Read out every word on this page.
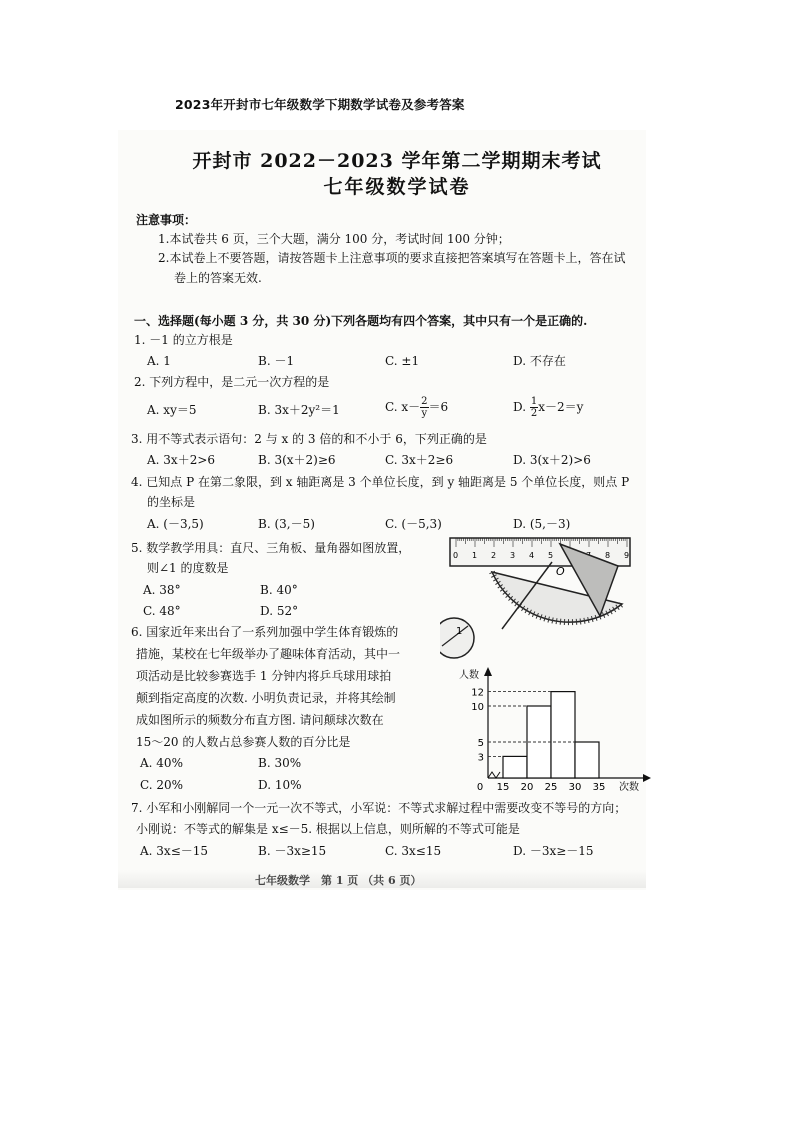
2023年开封市七年级数学下期数学试卷及参考答案
开封市 2022－2023 学年第二学期期末考试
七年级数学试卷
注意事项：
1.本试卷共 6 页，三个大题，满分 100 分，考试时间 100 分钟；
2.本试卷上不要答题，请按答题卡上注意事项的要求直接把答案填写在答题卡上，答在试
卷上的答案无效.
一、选择题(每小题 3 分，共 30 分)下列各题均有四个答案，其中只有一个是正确的.
1. －1 的立方根是
A. 1	B. －1	C. ±1	D. 不存在
2. 下列方程中，是二元一次方程的是
A. xy＝5	B. 3x＋2y²＝1	C. $x- \frac{2}{y} =6$	D. $\frac{1}{2} x-2=y$
3. 用不等式表示语句：2 与 x 的 3 倍的和不小于 6，下列正确的是
A. 3x＋2>6	B. 3(x＋2)≥6	C. 3x＋2≥6	D. 3(x＋2)>6
4. 已知点 P 在第二象限，到 x 轴距离是 3 个单位长度，到 y 轴距离是 5 个单位长度，则点 P
的坐标是
A. (－3,5)	B. (3,－5)	C. (－5,3)	D. (5,－3)
5. 数学教学用具：直尺、三角板、量角器如图放置，
则∠1 的度数是
A. 38°	B. 40°
C. 48°	D. 52°
0 1 2 3 4 5	8 9
O
1
6. 国家近年来出台了一系列加强中学生体育锻炼的
措施，某校在七年级举办了趣味体育活动，其中一
项活动是比较参赛选手 1 分钟内将乒乓球用球拍
颠到指定高度的次数. 小明负责记录，并将其绘制
成如图所示的频数分布直方图. 请问颠球次数在
15～20 的人数占总参赛人数的百分比是
A. 40%	B. 30%
C. 20%	D. 10%
人数
次数
3
5
10
12
0 15 20 25 30 35
7. 小军和小刚解同一个一元一次不等式，小军说：不等式求解过程中需要改变不等号的方向；
小刚说：不等式的解集是 x≤－5. 根据以上信息，则所解的不等式可能是
A. 3x≤－15	B. －3x≥15	C. 3x≤15	D. －3x≥－15
七年级数学　第 1 页 （共 6 页）
